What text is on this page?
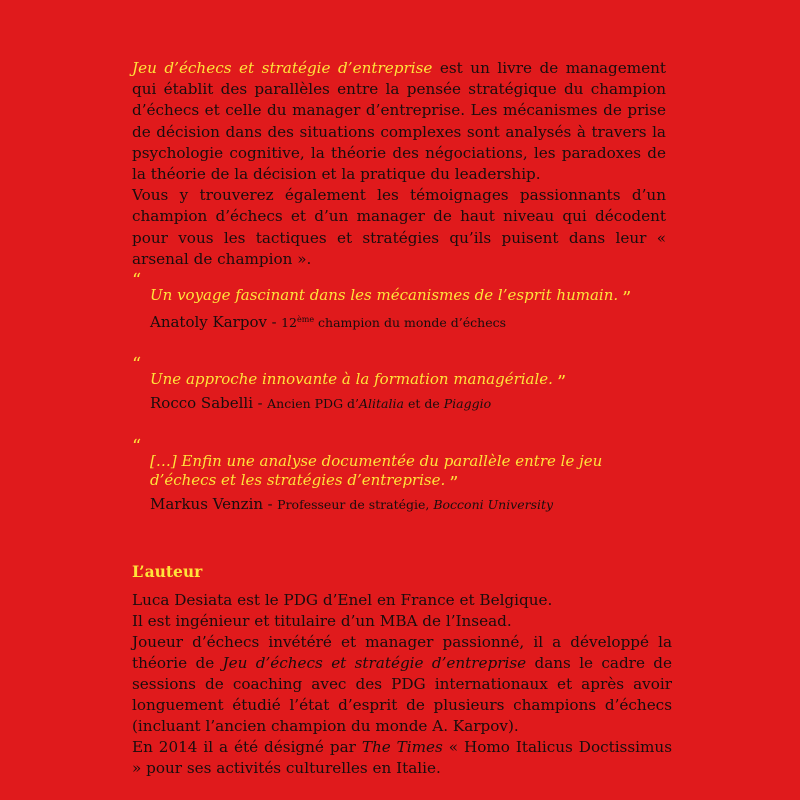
Jeu d’échecs et stratégie d’entreprise est un livre de management qui établit des parallèles entre la pensée stratégique du champion d’échecs et celle du manager d’entreprise. Les mécanismes de prise de décision dans des situations complexes sont analysés à travers la psychologie cognitive, la théorie des négociations, les paradoxes de la théorie de la décision et la pratique du leadership.

Vous y trouverez également les témoignages passionnants d’un champion d’échecs et d’un manager de haut niveau qui décodent pour vous les tactiques et stratégies qu’ils puisent dans leur « arsenal de champion ».

“
Un voyage fascinant dans les mécanismes de l’esprit humain. ”
Anatoly Karpov - 12ème champion du monde d’échecs
“
Une approche innovante à la formation managériale. ”
Rocco Sabelli - Ancien PDG d’Alitalia et de Piaggio
“
[…] Enfin une analyse documentée du parallèle entre le jeu d’échecs et les stratégies d’entreprise. ”
Markus Venzin - Professeur de stratégie, Bocconi University
L’auteur

Luca Desiata est le PDG d’Enel en France et Belgique.

Il est ingénieur et titulaire d’un MBA de l’Insead.

Joueur d’échecs invétéré et manager passionné, il a développé la théorie de Jeu d’échecs et stratégie d’entreprise dans le cadre de sessions de coaching avec des PDG internationaux et après avoir longuement étudié l’état d’esprit de plusieurs champions d’échecs (incluant l’ancien champion du monde A. Karpov).

En 2014 il a été désigné par The Times « Homo Italicus Doctissimus » pour ses activités culturelles en Italie.
